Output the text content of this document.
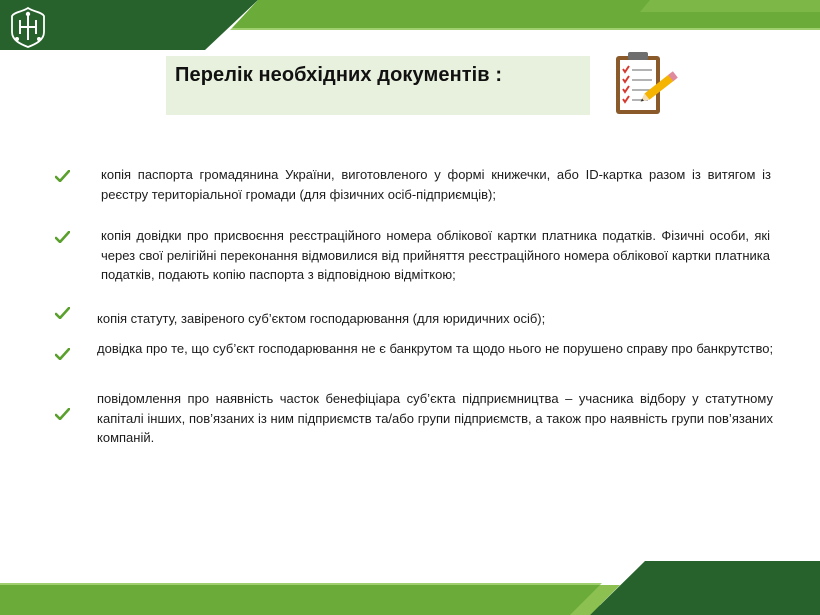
Перелік необхідних документів :
копія паспорта громадянина України, виготовленого у формі книжечки, або ID-картка разом із витягом із реєстру територіальної громади (для фізичних осіб-підприємців);
копія довідки про присвоєння реєстраційного номера облікової картки платника податків. Фізичні особи, які через свої релігійні переконання відмовилися від прийняття реєстраційного номера облікової картки платника податків, подають копію паспорта з відповідною відміткою;
копія статуту, завіреного суб’єктом господарювання (для юридичних осіб);
довідка про те, що суб’єкт господарювання не є банкрутом та щодо нього не порушено справу про банкрутство;
повідомлення про наявність часток бенефіціара суб’єкта підприємництва – учасника відбору у статутному капіталі інших, пов’язаних із ним підприємств та/або групи підприємств, а також про наявність групи пов’язаних компаній.
